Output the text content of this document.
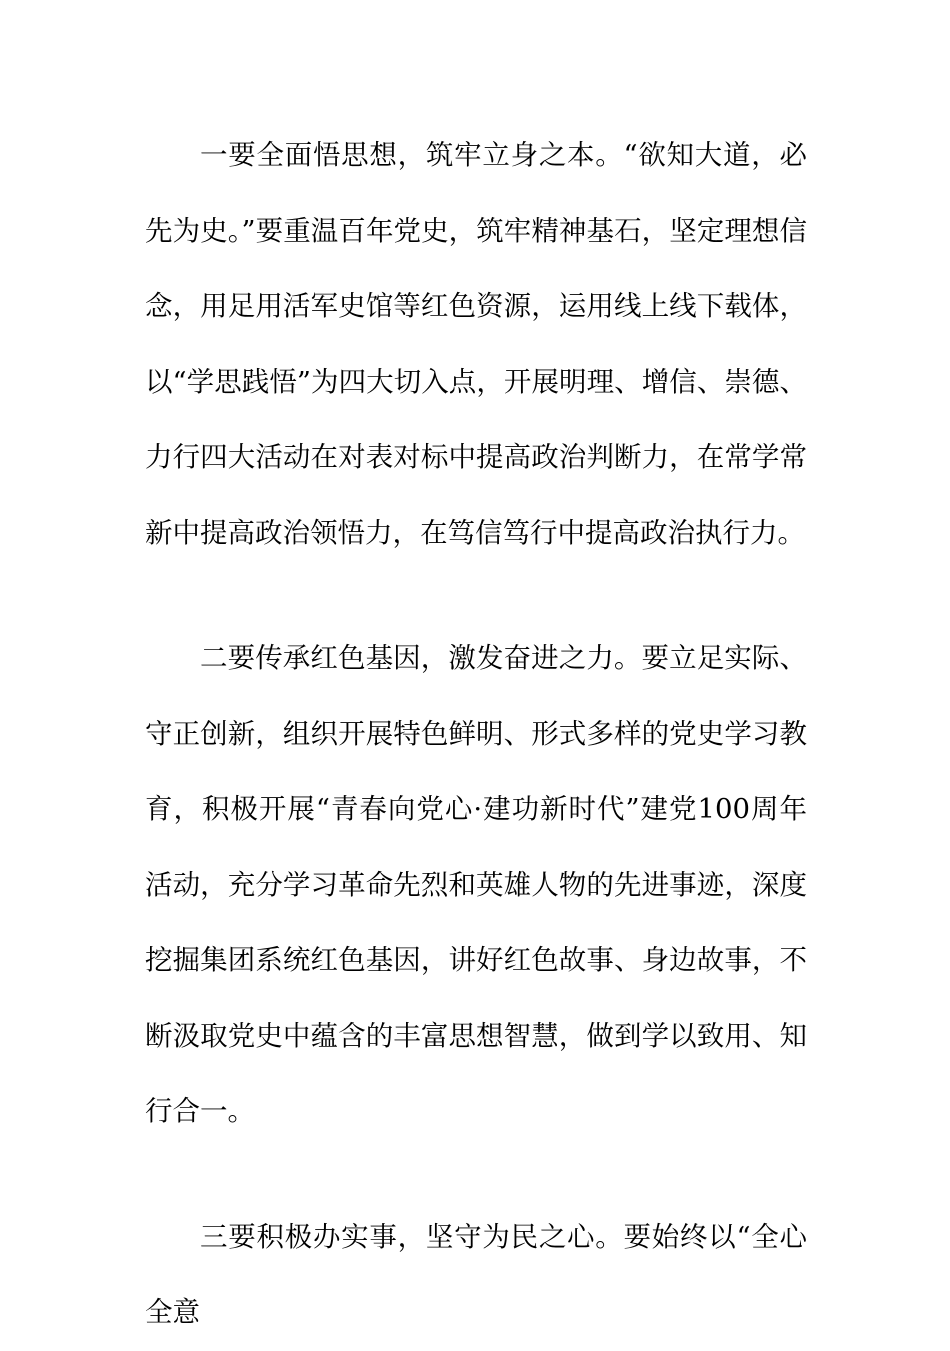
一要全面悟思想，筑牢立身之本。“欲知大道，必先为史。”要重温百年党史，筑牢精神基石，坚定理想信念，用足用活军史馆等红色资源，运用线上线下载体，以“学思践悟”为四大切入点，开展明理、增信、崇德、力行四大活动在对表对标中提高政治判断力，在常学常新中提高政治领悟力，在笃信笃行中提高政治执行力。

二要传承红色基因，激发奋进之力。要立足实际、守正创新，组织开展特色鲜明、形式多样的党史学习教育，积极开展“青春向党心·建功新时代”建党100周年活动，充分学习革命先烈和英雄人物的先进事迹，深度挖掘集团系统红色基因，讲好红色故事、身边故事，不断汲取党史中蕴含的丰富思想智慧，做到学以致用、知行合一。

三要积极办实事，坚守为民之心。要始终以“全心全意
